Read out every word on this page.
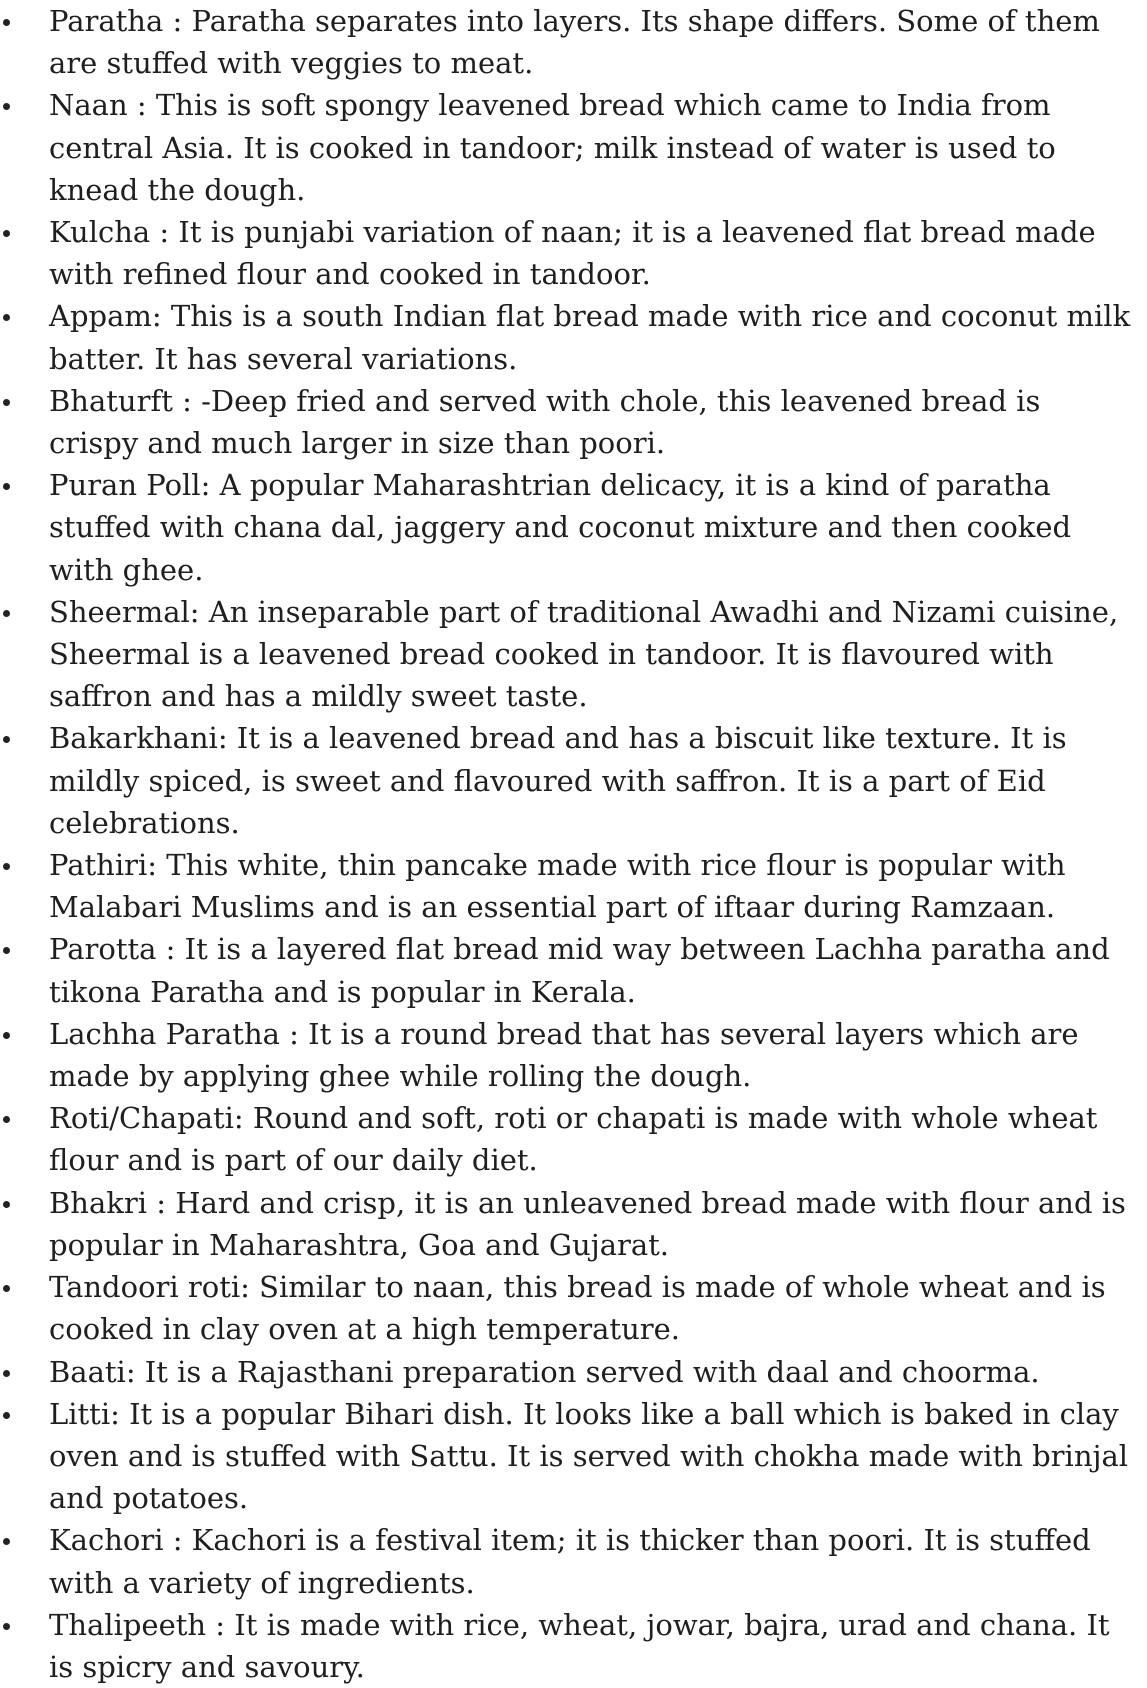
Paratha : Paratha separates into layers. Its shape differs. Some of them are stuffed with veggies to meat.
Naan : This is soft spongy leavened bread which came to India from central Asia. It is cooked in tandoor; milk instead of water is used to knead the dough.
Kulcha : It is punjabi variation of naan; it is a leavened flat bread made with refined flour and cooked in tandoor.
Appam: This is a south Indian flat bread made with rice and coconut milk batter. It has several variations.
Bhaturft : -Deep fried and served with chole, this leavened bread is crispy and much larger in size than poori.
Puran Poll: A popular Maharashtrian delicacy, it is a kind of paratha stuffed with chana dal, jaggery and coconut mixture and then cooked with ghee.
Sheermal: An inseparable part of traditional Awadhi and Nizami cuisine, Sheermal is a leavened bread cooked in tandoor. It is flavoured with saffron and has a mildly sweet taste.
Bakarkhani: It is a leavened bread and has a biscuit like texture. It is mildly spiced, is sweet and flavoured with saffron. It is a part of Eid celebrations.
Pathiri: This white, thin pancake made with rice flour is popular with Malabari Muslims and is an essential part of iftaar during Ramzaan.
Parotta : It is a layered flat bread mid way between Lachha paratha and tikona Paratha and is popular in Kerala.
Lachha Paratha : It is a round bread that has several layers which are made by applying ghee while rolling the dough.
Roti/Chapati: Round and soft, roti or chapati is made with whole wheat flour and is part of our daily diet.
Bhakri : Hard and crisp, it is an unleavened bread made with flour and is popular in Maharashtra, Goa and Gujarat.
Tandoori roti: Similar to naan, this bread is made of whole wheat and is cooked in clay oven at a high temperature.
Baati: It is a Rajasthani preparation served with daal and choorma.
Litti: It is a popular Bihari dish. It looks like a ball which is baked in clay oven and is stuffed with Sattu. It is served with chokha made with brinjal and potatoes.
Kachori : Kachori is a festival item; it is thicker than poori. It is stuffed with a variety of ingredients.
Thalipeeth : It is made with rice, wheat, jowar, bajra, urad and chana. It is spicry and savoury.
